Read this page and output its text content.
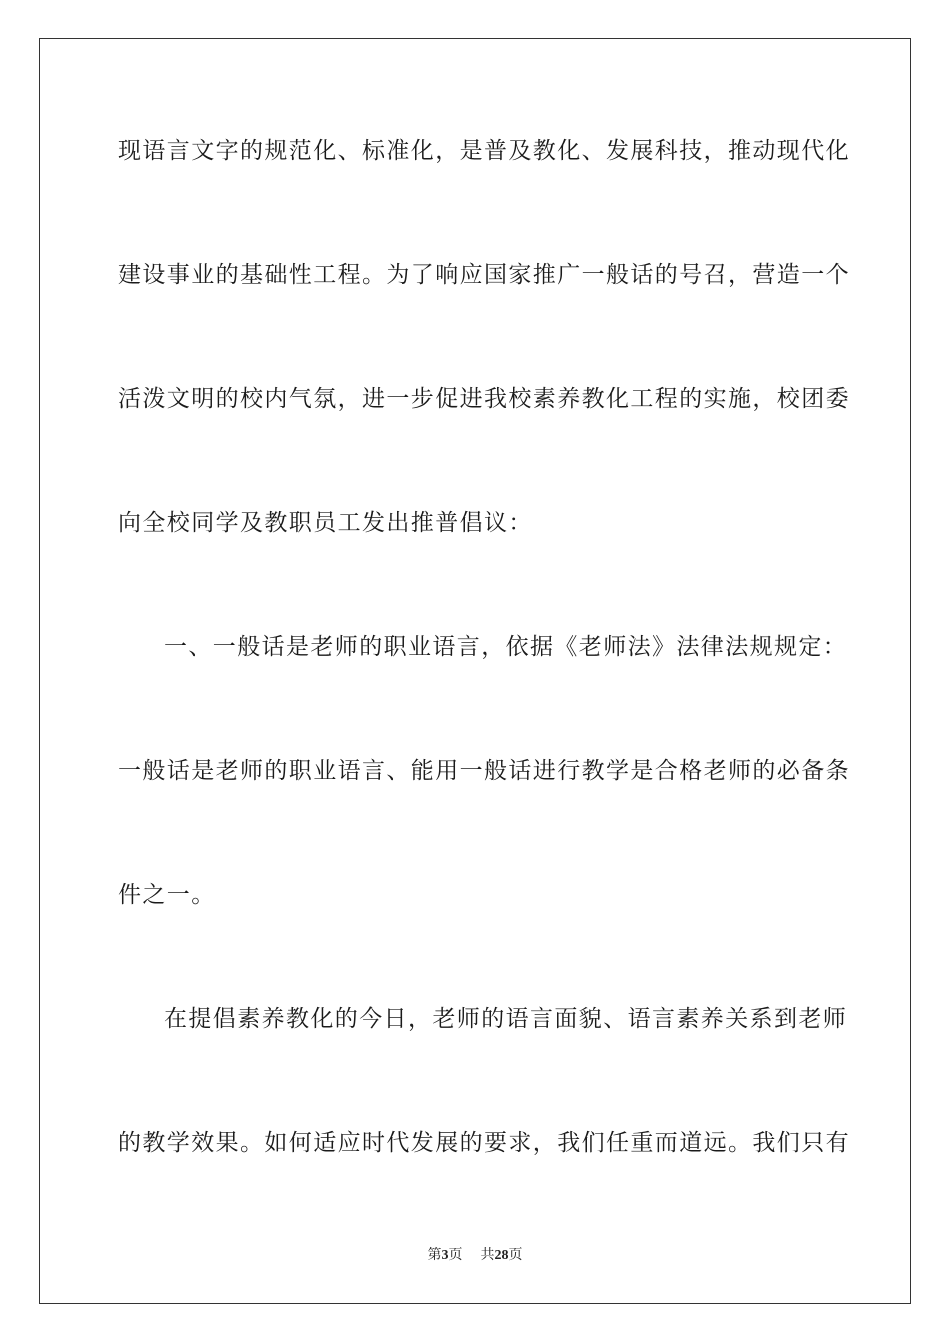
现语言文字的规范化、标准化，是普及教化、发展科技，推动现代化
建设事业的基础性工程。为了响应国家推广一般话的号召，营造一个
活泼文明的校内气氛，进一步促进我校素养教化工程的实施，校团委
向全校同学及教职员工发出推普倡议：
一、一般话是老师的职业语言，依据《老师法》法律法规规定：
一般话是老师的职业语言、能用一般话进行教学是合格老师的必备条
件之一。
在提倡素养教化的今日，老师的语言面貌、语言素养关系到老师
的教学效果。如何适应时代发展的要求，我们任重而道远。我们只有
第3页 共28页
